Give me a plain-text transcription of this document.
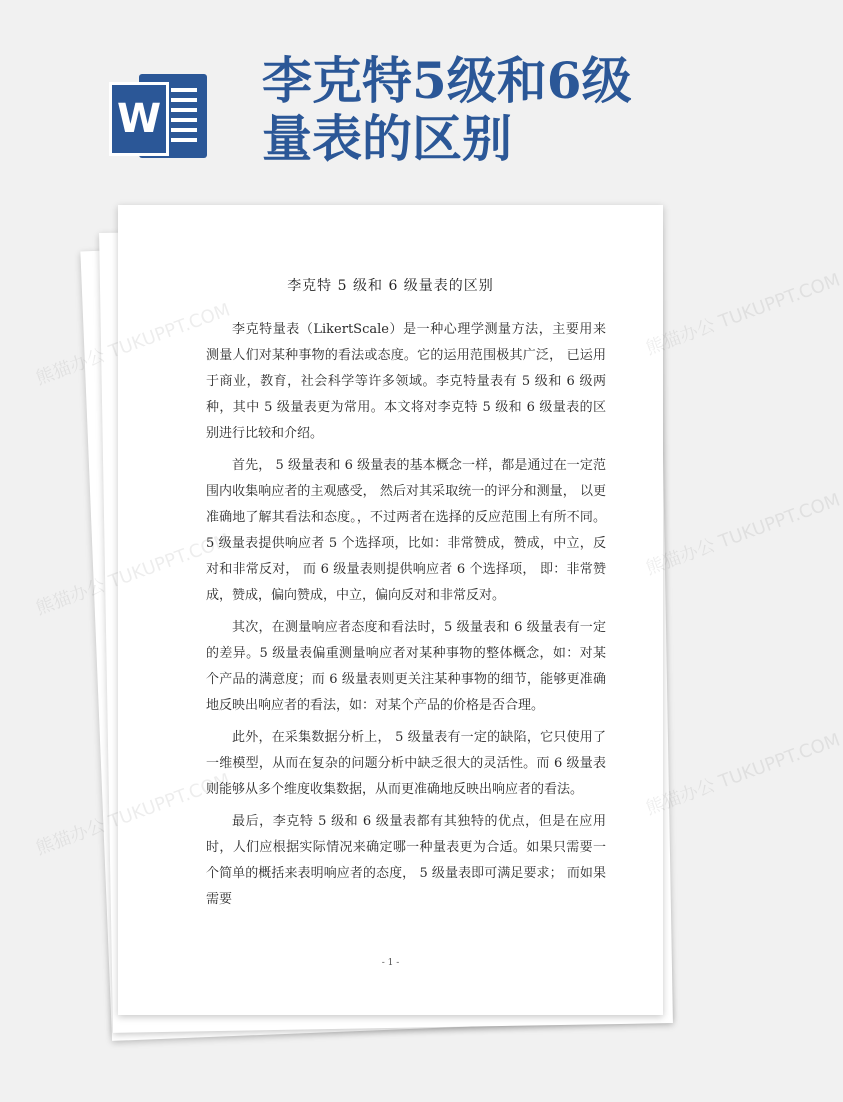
W
李克特5级和6级
量表的区别
李克特 5 级和 6 级量表的区别

李克特量表（LikertScale）是一种心理学测量方法，主要用来测量人们对某种事物的看法或态度。它的运用范围极其广泛， 已运用于商业，教育，社会科学等许多领域。李克特量表有 5 级和 6 级两种，其中 5 级量表更为常用。本文将对李克特 5 级和 6 级量表的区别进行比较和介绍。

首先， 5 级量表和 6 级量表的基本概念一样，都是通过在一定范围内收集响应者的主观感受， 然后对其采取统一的评分和测量， 以更准确地了解其看法和态度。，不过两者在选择的反应范围上有所不同。5 级量表提供响应者 5 个选择项，比如：非常赞成，赞成，中立，反对和非常反对， 而 6 级量表则提供响应者 6 个选择项， 即：非常赞成，赞成，偏向赞成，中立，偏向反对和非常反对。

其次，在测量响应者态度和看法时，5 级量表和 6 级量表有一定的差异。5 级量表偏重测量响应者对某种事物的整体概念，如：对某个产品的满意度；而 6 级量表则更关注某种事物的细节，能够更准确地反映出响应者的看法，如：对某个产品的价格是否合理。

此外，在采集数据分析上， 5 级量表有一定的缺陷，它只使用了一维模型，从而在复杂的问题分析中缺乏很大的灵活性。而 6 级量表则能够从多个维度收集数据，从而更准确地反映出响应者的看法。

最后，李克特 5 级和 6 级量表都有其独特的优点，但是在应用时，人们应根据实际情况来确定哪一种量表更为合适。如果只需要一个简单的概括来表明响应者的态度， 5 级量表即可满足要求； 而如果需要

- 1 -
熊猫办公
熊猫办公 TUKUPPT.COM
熊猫办公
熊猫办公 TUKUPPT.COM
熊猫办公
熊猫办公 TUKUPPT.COM
